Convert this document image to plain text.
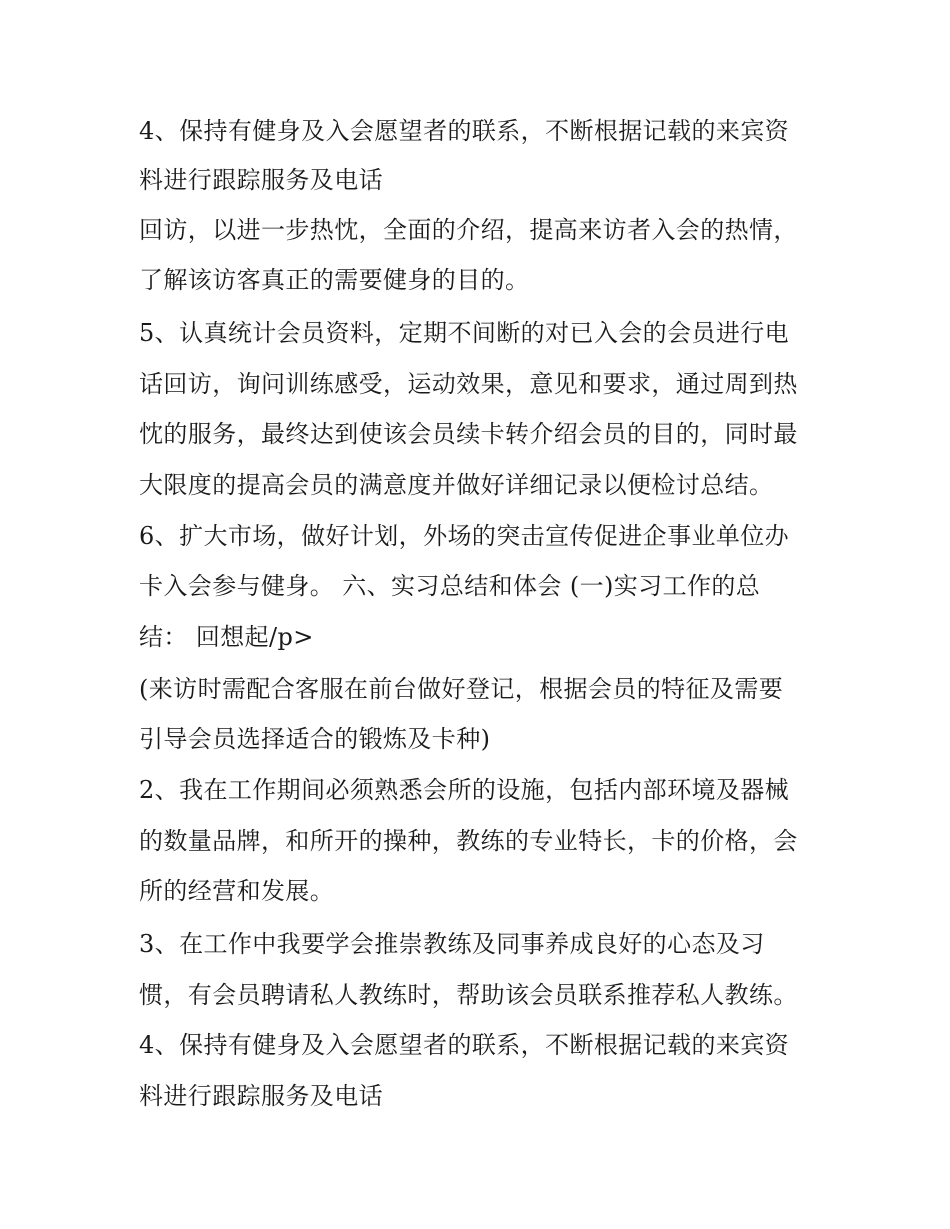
4、保持有健身及入会愿望者的联系，不断根据记载的来宾资
料进行跟踪服务及电话
回访，以进一步热忱，全面的介绍，提高来访者入会的热情，
了解该访客真正的需要健身的目的。
5、认真统计会员资料，定期不间断的对已入会的会员进行电
话回访，询问训练感受，运动效果，意见和要求，通过周到热
忱的服务，最终达到使该会员续卡转介绍会员的目的，同时最
大限度的提高会员的满意度并做好详细记录以便检讨总结。
6、扩大市场，做好计划，外场的突击宣传促进企事业单位办
卡入会参与健身。 六、实习总结和体会 (一)实习工作的总
结： 回想起/p>
(来访时需配合客服在前台做好登记，根据会员的特征及需要
引导会员选择适合的锻炼及卡种)
2、我在工作期间必须熟悉会所的设施，包括内部环境及器械
的数量品牌，和所开的操种，教练的专业特长，卡的价格，会
所的经营和发展。
3、在工作中我要学会推崇教练及同事养成良好的心态及习
惯，有会员聘请私人教练时，帮助该会员联系推荐私人教练。
4、保持有健身及入会愿望者的联系，不断根据记载的来宾资
料进行跟踪服务及电话
